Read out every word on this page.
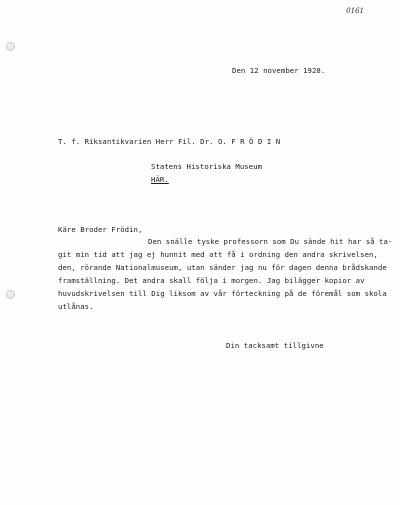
0161
Den 12 november 1928.
T. f. Riksantikvarien Herr Fil. Dr. O. F R Ö D I N
Statens Historiska Museum
HÄR.
Käre Broder Frödin,
Den snälle tyske professorn som Du sände hit har så ta-
git min tid att jag ej hunnit med att få i ordning den andra skrivelsen,
den, rörande Nationalmuseum, utan sänder jag nu för dagen denna brådskande
framställning. Det andra skall följa i morgen. Jag bilägger kopior av
huvudskrivelsen till Dig liksom av vår förteckning på de föremål som skola
utlånas.
Din tacksamt tillgivne
